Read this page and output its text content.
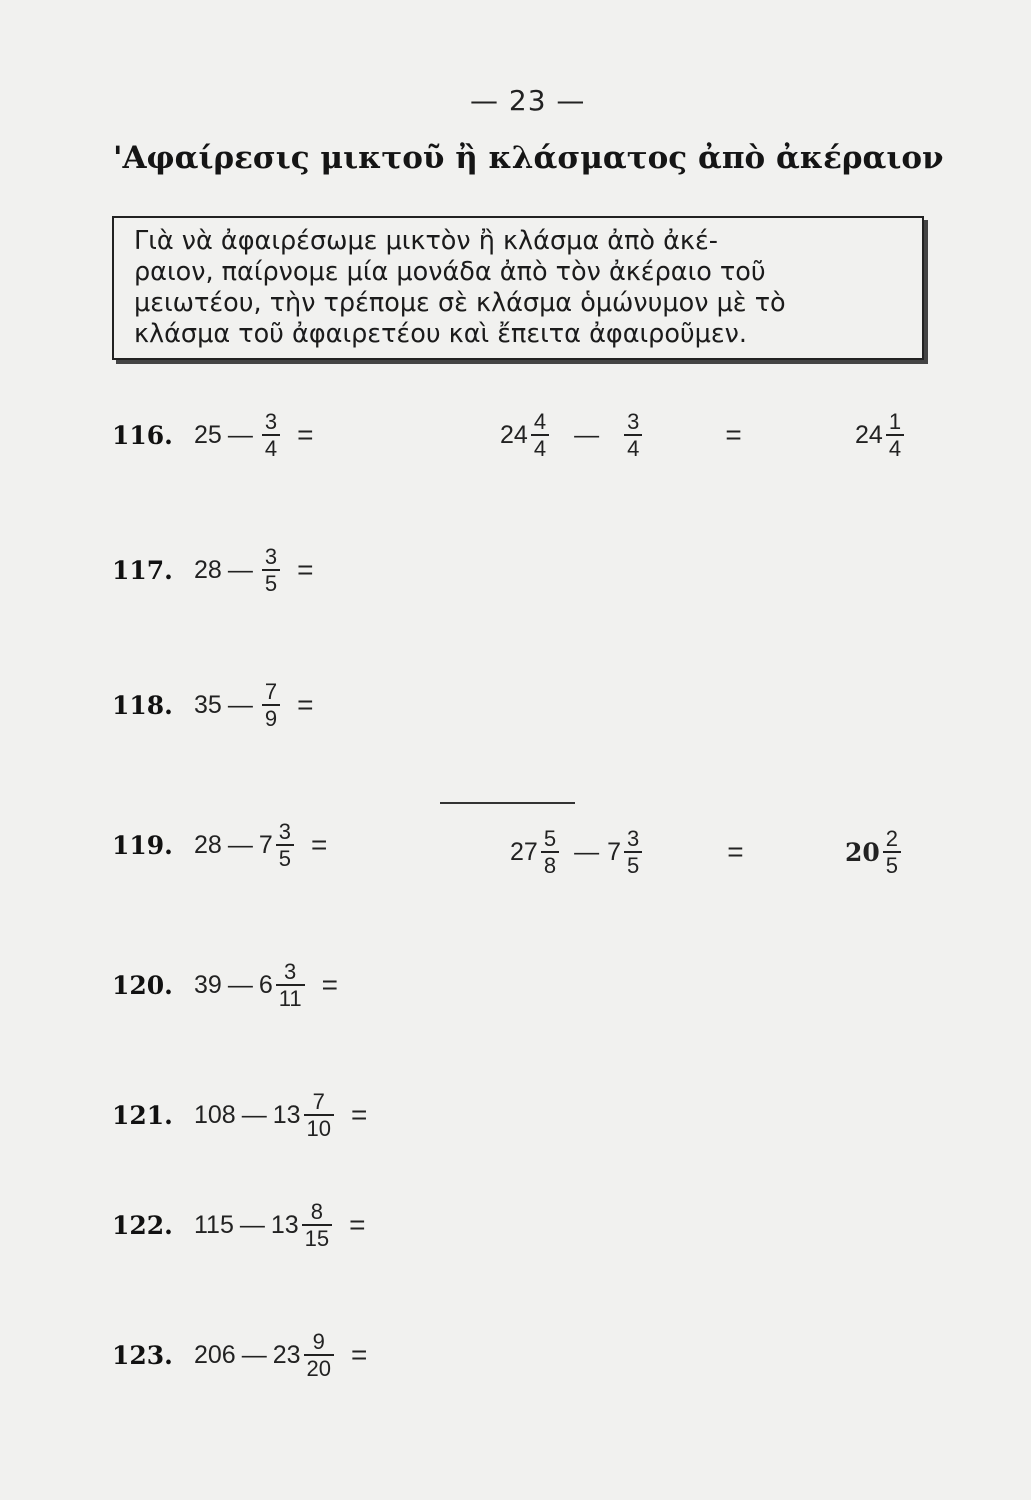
— 23 —
'Αφαίρεσις μικτοῦ ἢ κλάσματος ἀπὸ ἀκέραιον
Γιὰ νὰ ἀφαιρέσωμε μικτὸν ἢ κλάσμα ἀπὸ ἀκέ-
ραιον, παίρνομε μία μονάδα ἀπὸ τὸν ἀκέραιο τοῦ
μειωτέου, τὴν τρέπομε σὲ κλάσμα ὁμώνυμον μὲ τὸ
κλάσμα τοῦ ἀφαιρετέου καὶ ἔπειτα ἀφαιροῦμεν.
116. 25 — $\frac{3}{4}$ =	$24 \frac{4}{4}$ — $\frac{3}{4}$	=	$24 \frac{1}{4}$
117. 28 — $\frac{3}{5}$ =
118. 35 — $\frac{7}{9}$ =
119. 28 — $7 \frac{3}{5}$ =	$27 \frac{5}{8}$ — $7 \frac{3}{5}$	=	$20 \frac{2}{5}$
120. 39 — $6 \frac{3}{11}$ =
121. 108 — $13 \frac{7}{10}$ =
122. 115 — $13 \frac{8}{15}$ =
123. 206 — $23 \frac{9}{20}$ =
